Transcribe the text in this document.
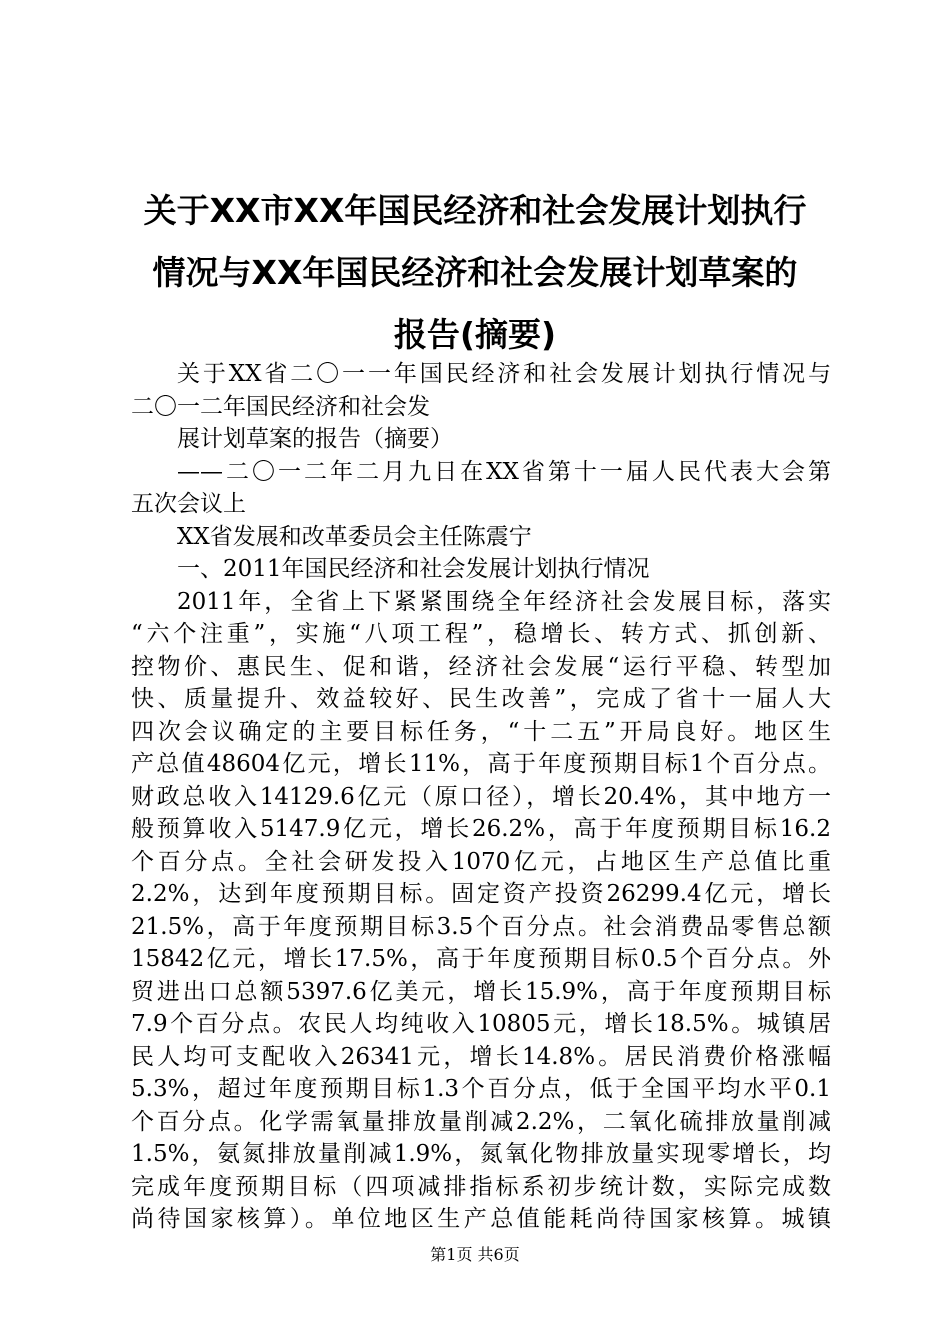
关于XX市XX年国民经济和社会发展计划执行
情况与XX年国民经济和社会发展计划草案的
报告(摘要)

关于XX省二〇一一年国民经济和社会发展计划执行情况与
二〇一二年国民经济和社会发

展计划草案的报告（摘要）

——二〇一二年二月九日在XX省第十一届人民代表大会第
五次会议上

XX省发展和改革委员会主任陈震宁

一、2011年国民经济和社会发展计划执行情况

2011年，全省上下紧紧围绕全年经济社会发展目标，落实
“六个注重”，实施“八项工程”，稳增长、转方式、抓创新、
控物价、惠民生、促和谐，经济社会发展“运行平稳、转型加
快、质量提升、效益较好、民生改善”，完成了省十一届人大
四次会议确定的主要目标任务，“十二五”开局良好。地区生
产总值48604亿元，增长11%，高于年度预期目标1个百分点。
财政总收入14129.6亿元（原口径），增长20.4%，其中地方一
般预算收入5147.9亿元，增长26.2%，高于年度预期目标16.2
个百分点。全社会研发投入1070亿元，占地区生产总值比重
2.2%，达到年度预期目标。固定资产投资26299.4亿元，增长
21.5%，高于年度预期目标3.5个百分点。社会消费品零售总额
15842亿元，增长17.5%，高于年度预期目标0.5个百分点。外
贸进出口总额5397.6亿美元，增长15.9%，高于年度预期目标
7.9个百分点。农民人均纯收入10805元，增长18.5%。城镇居
民人均可支配收入26341元，增长14.8%。居民消费价格涨幅
5.3%，超过年度预期目标1.3个百分点，低于全国平均水平0.1
个百分点。化学需氧量排放量削减2.2%，二氧化硫排放量削减
1.5%，氨氮排放量削减1.9%，氮氧化物排放量实现零增长，均
完成年度预期目标（四项减排指标系初步统计数，实际完成数
尚待国家核算）。单位地区生产总值能耗尚待国家核算。城镇

第1页 共6页
